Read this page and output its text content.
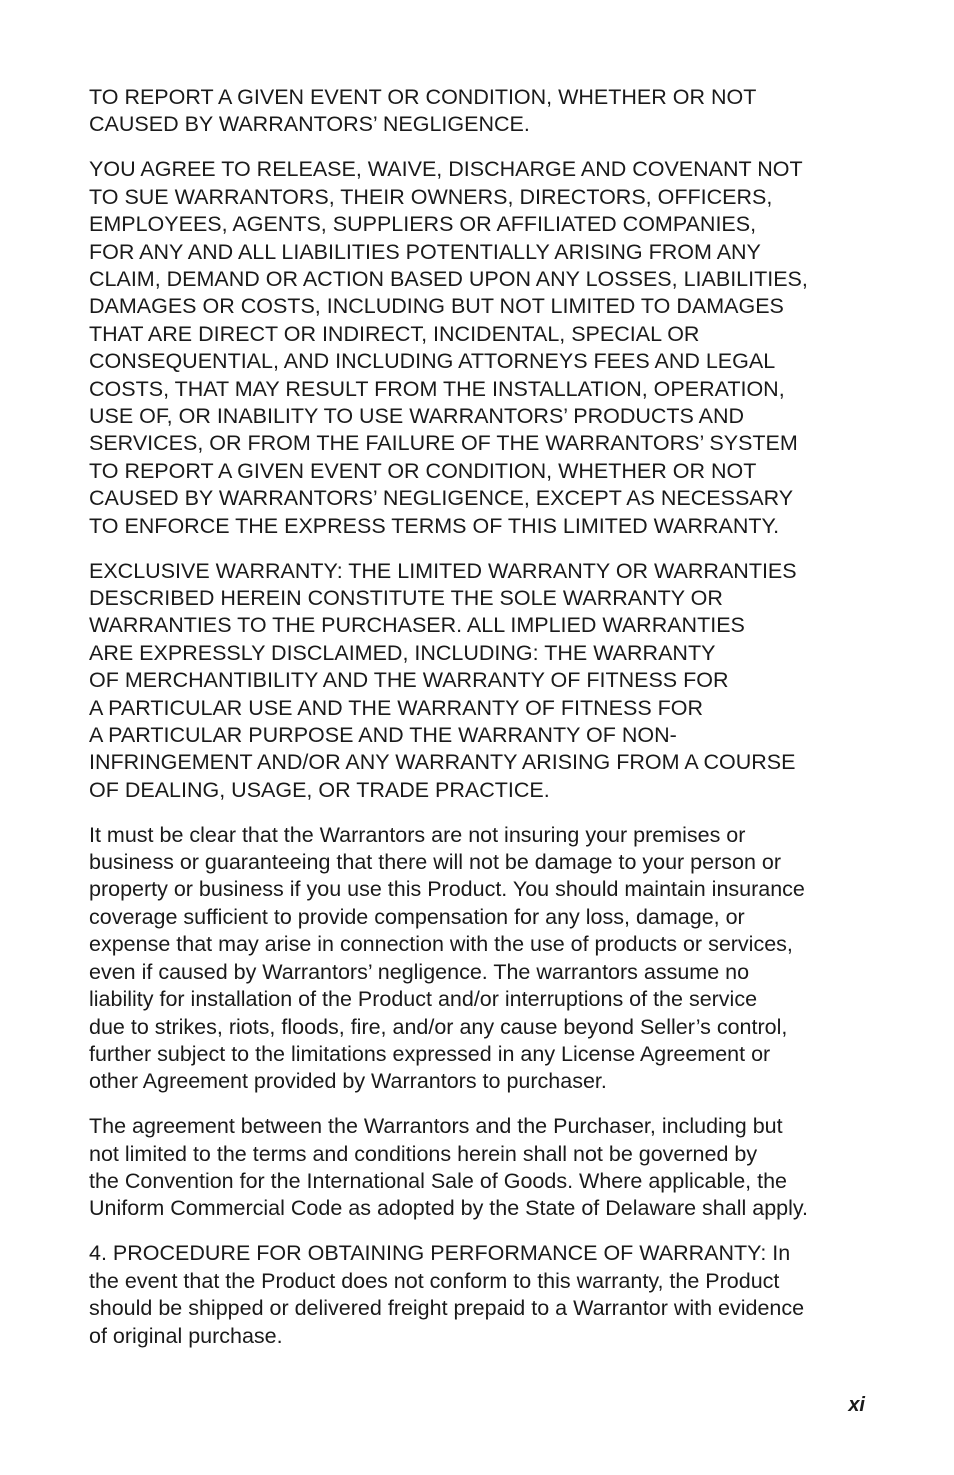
TO REPORT A GIVEN EVENT OR CONDITION, WHETHER OR NOT
CAUSED BY WARRANTORS’ NEGLIGENCE.
YOU AGREE TO RELEASE, WAIVE, DISCHARGE AND COVENANT NOT
TO SUE WARRANTORS, THEIR OWNERS, DIRECTORS, OFFICERS,
EMPLOYEES, AGENTS, SUPPLIERS OR AFFILIATED COMPANIES,
FOR ANY AND ALL LIABILITIES POTENTIALLY ARISING FROM ANY
CLAIM, DEMAND OR ACTION BASED UPON ANY LOSSES, LIABILITIES,
DAMAGES OR COSTS, INCLUDING BUT NOT LIMITED TO DAMAGES
THAT ARE DIRECT OR INDIRECT, INCIDENTAL, SPECIAL OR
CONSEQUENTIAL, AND INCLUDING ATTORNEYS FEES AND LEGAL
COSTS, THAT MAY RESULT FROM THE INSTALLATION, OPERATION,
USE OF, OR INABILITY TO USE WARRANTORS’ PRODUCTS AND
SERVICES, OR FROM THE FAILURE OF THE WARRANTORS’ SYSTEM
TO REPORT A GIVEN EVENT OR CONDITION, WHETHER OR NOT
CAUSED BY WARRANTORS’ NEGLIGENCE, EXCEPT AS NECESSARY
TO ENFORCE THE EXPRESS TERMS OF THIS LIMITED WARRANTY.
EXCLUSIVE WARRANTY: THE LIMITED WARRANTY OR WARRANTIES
DESCRIBED HEREIN CONSTITUTE THE SOLE WARRANTY OR
WARRANTIES TO THE PURCHASER. ALL IMPLIED WARRANTIES
ARE EXPRESSLY DISCLAIMED, INCLUDING: THE WARRANTY
OF MERCHANTIBILITY AND THE WARRANTY OF FITNESS FOR
A PARTICULAR USE AND THE WARRANTY OF FITNESS FOR
A PARTICULAR PURPOSE AND THE WARRANTY OF NON-
INFRINGEMENT AND/OR ANY WARRANTY ARISING FROM A COURSE
OF DEALING, USAGE, OR TRADE PRACTICE.
It must be clear that the Warrantors are not insuring your premises or
business or guaranteeing that there will not be damage to your person or
property or business if you use this Product. You should maintain insurance
coverage sufficient to provide compensation for any loss, damage, or
expense that may arise in connection with the use of products or services,
even if caused by Warrantors’ negligence. The warrantors assume no
liability for installation of the Product and/or interruptions of the service
due to strikes, riots, floods, fire, and/or any cause beyond Seller’s control,
further subject to the limitations expressed in any License Agreement or
other Agreement provided by Warrantors to purchaser.
The agreement between the Warrantors and the Purchaser, including but
not limited to the terms and conditions herein shall not be governed by
the Convention for the International Sale of Goods. Where applicable, the
Uniform Commercial Code as adopted by the State of Delaware shall apply.
4. PROCEDURE FOR OBTAINING PERFORMANCE OF WARRANTY: In
the event that the Product does not conform to this warranty, the Product
should be shipped or delivered freight prepaid to a Warrantor with evidence
of original purchase.
xi
